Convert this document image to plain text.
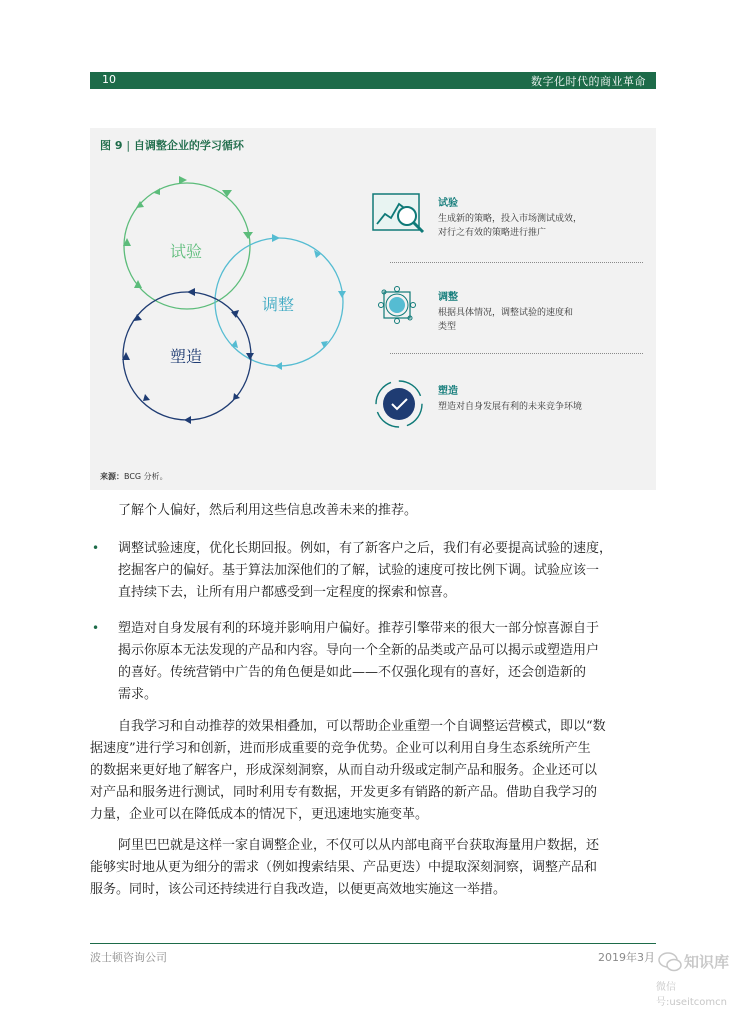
10	数字化时代的商业革命
图 9 | 自调整企业的学习循环
试验
调整
塑造
试验
生成新的策略，投入市场测试成效，
对行之有效的策略进行推广
调整
根据具体情况，调整试验的速度和
类型
塑造
塑造对自身发展有利的未来竞争环境
来源：BCG 分析。
了解个人偏好，然后利用这些信息改善未来的推荐。
• 调整试验速度，优化长期回报。例如，有了新客户之后，我们有必要提高试验的速度，
挖掘客户的偏好。基于算法加深他们的了解，试验的速度可按比例下调。试验应该一
直持续下去，让所有用户都感受到一定程度的探索和惊喜。
• 塑造对自身发展有利的环境并影响用户偏好。推荐引擎带来的很大一部分惊喜源自于
揭示你原本无法发现的产品和内容。导向一个全新的品类或产品可以揭示或塑造用户
的喜好。传统营销中广告的角色便是如此——不仅强化现有的喜好，还会创造新的
需求。
自我学习和自动推荐的效果相叠加，可以帮助企业重塑一个自调整运营模式，即以“数
据速度”进行学习和创新，进而形成重要的竞争优势。企业可以利用自身生态系统所产生
的数据来更好地了解客户，形成深刻洞察，从而自动升级或定制产品和服务。企业还可以
对产品和服务进行测试，同时利用专有数据，开发更多有销路的新产品。借助自我学习的
力量，企业可以在降低成本的情况下，更迅速地实施变革。
阿里巴巴就是这样一家自调整企业，不仅可以从内部电商平台获取海量用户数据，还
能够实时地从更为细分的需求（例如搜索结果、产品更迭）中提取深刻洞察，调整产品和
服务。同时，该公司还持续进行自我改造，以便更高效地实施这一举措。
波士顿咨询公司	2019年3月 知识库
微信号:useitcomcn
